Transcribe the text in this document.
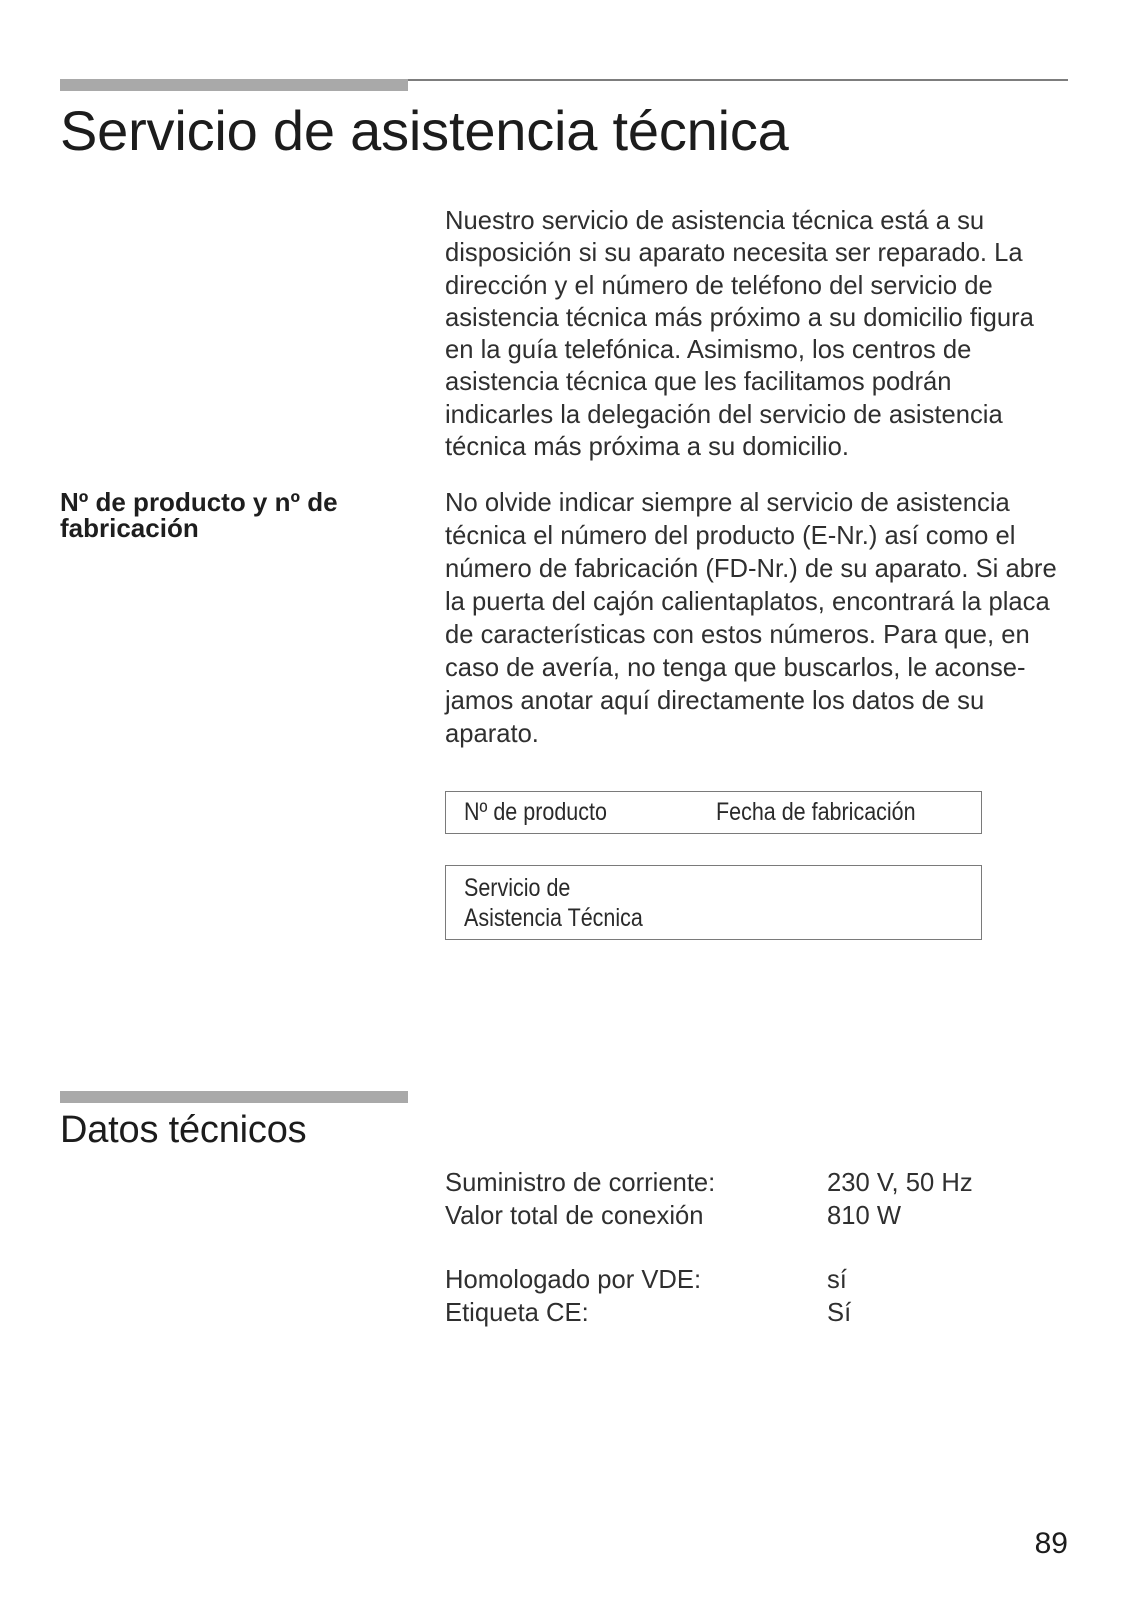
Servicio de asistencia técnica
Nuestro servicio de asistencia técnica está a su
disposición si su aparato necesita ser reparado. La
dirección y el número de teléfono del servicio de
asistencia técnica más próximo a su domicilio figura
en la guía telefónica. Asimismo, los centros de
asistencia técnica que les facilitamos podrán
indicarles la delegación del servicio de asistencia
técnica más próxima a su domicilio.
Nº de producto y nº de
fabricación
No olvide indicar siempre al servicio de asistencia
técnica el número del producto (E-Nr.) así como el
número de fabricación (FD-Nr.) de su aparato. Si abre
la puerta del cajón calientaplatos, encontrará la placa
de características con estos números. Para que, en
caso de avería, no tenga que buscarlos, le aconse-
jamos anotar aquí directamente los datos de su
aparato.
Nº de producto	Fecha de fabricación
Servicio de
Asistencia Técnica
Datos técnicos
Suministro de corriente:	230 V, 50 Hz
Valor total de conexión	810 W
Homologado por VDE:	sí
Etiqueta CE:	Sí
89
